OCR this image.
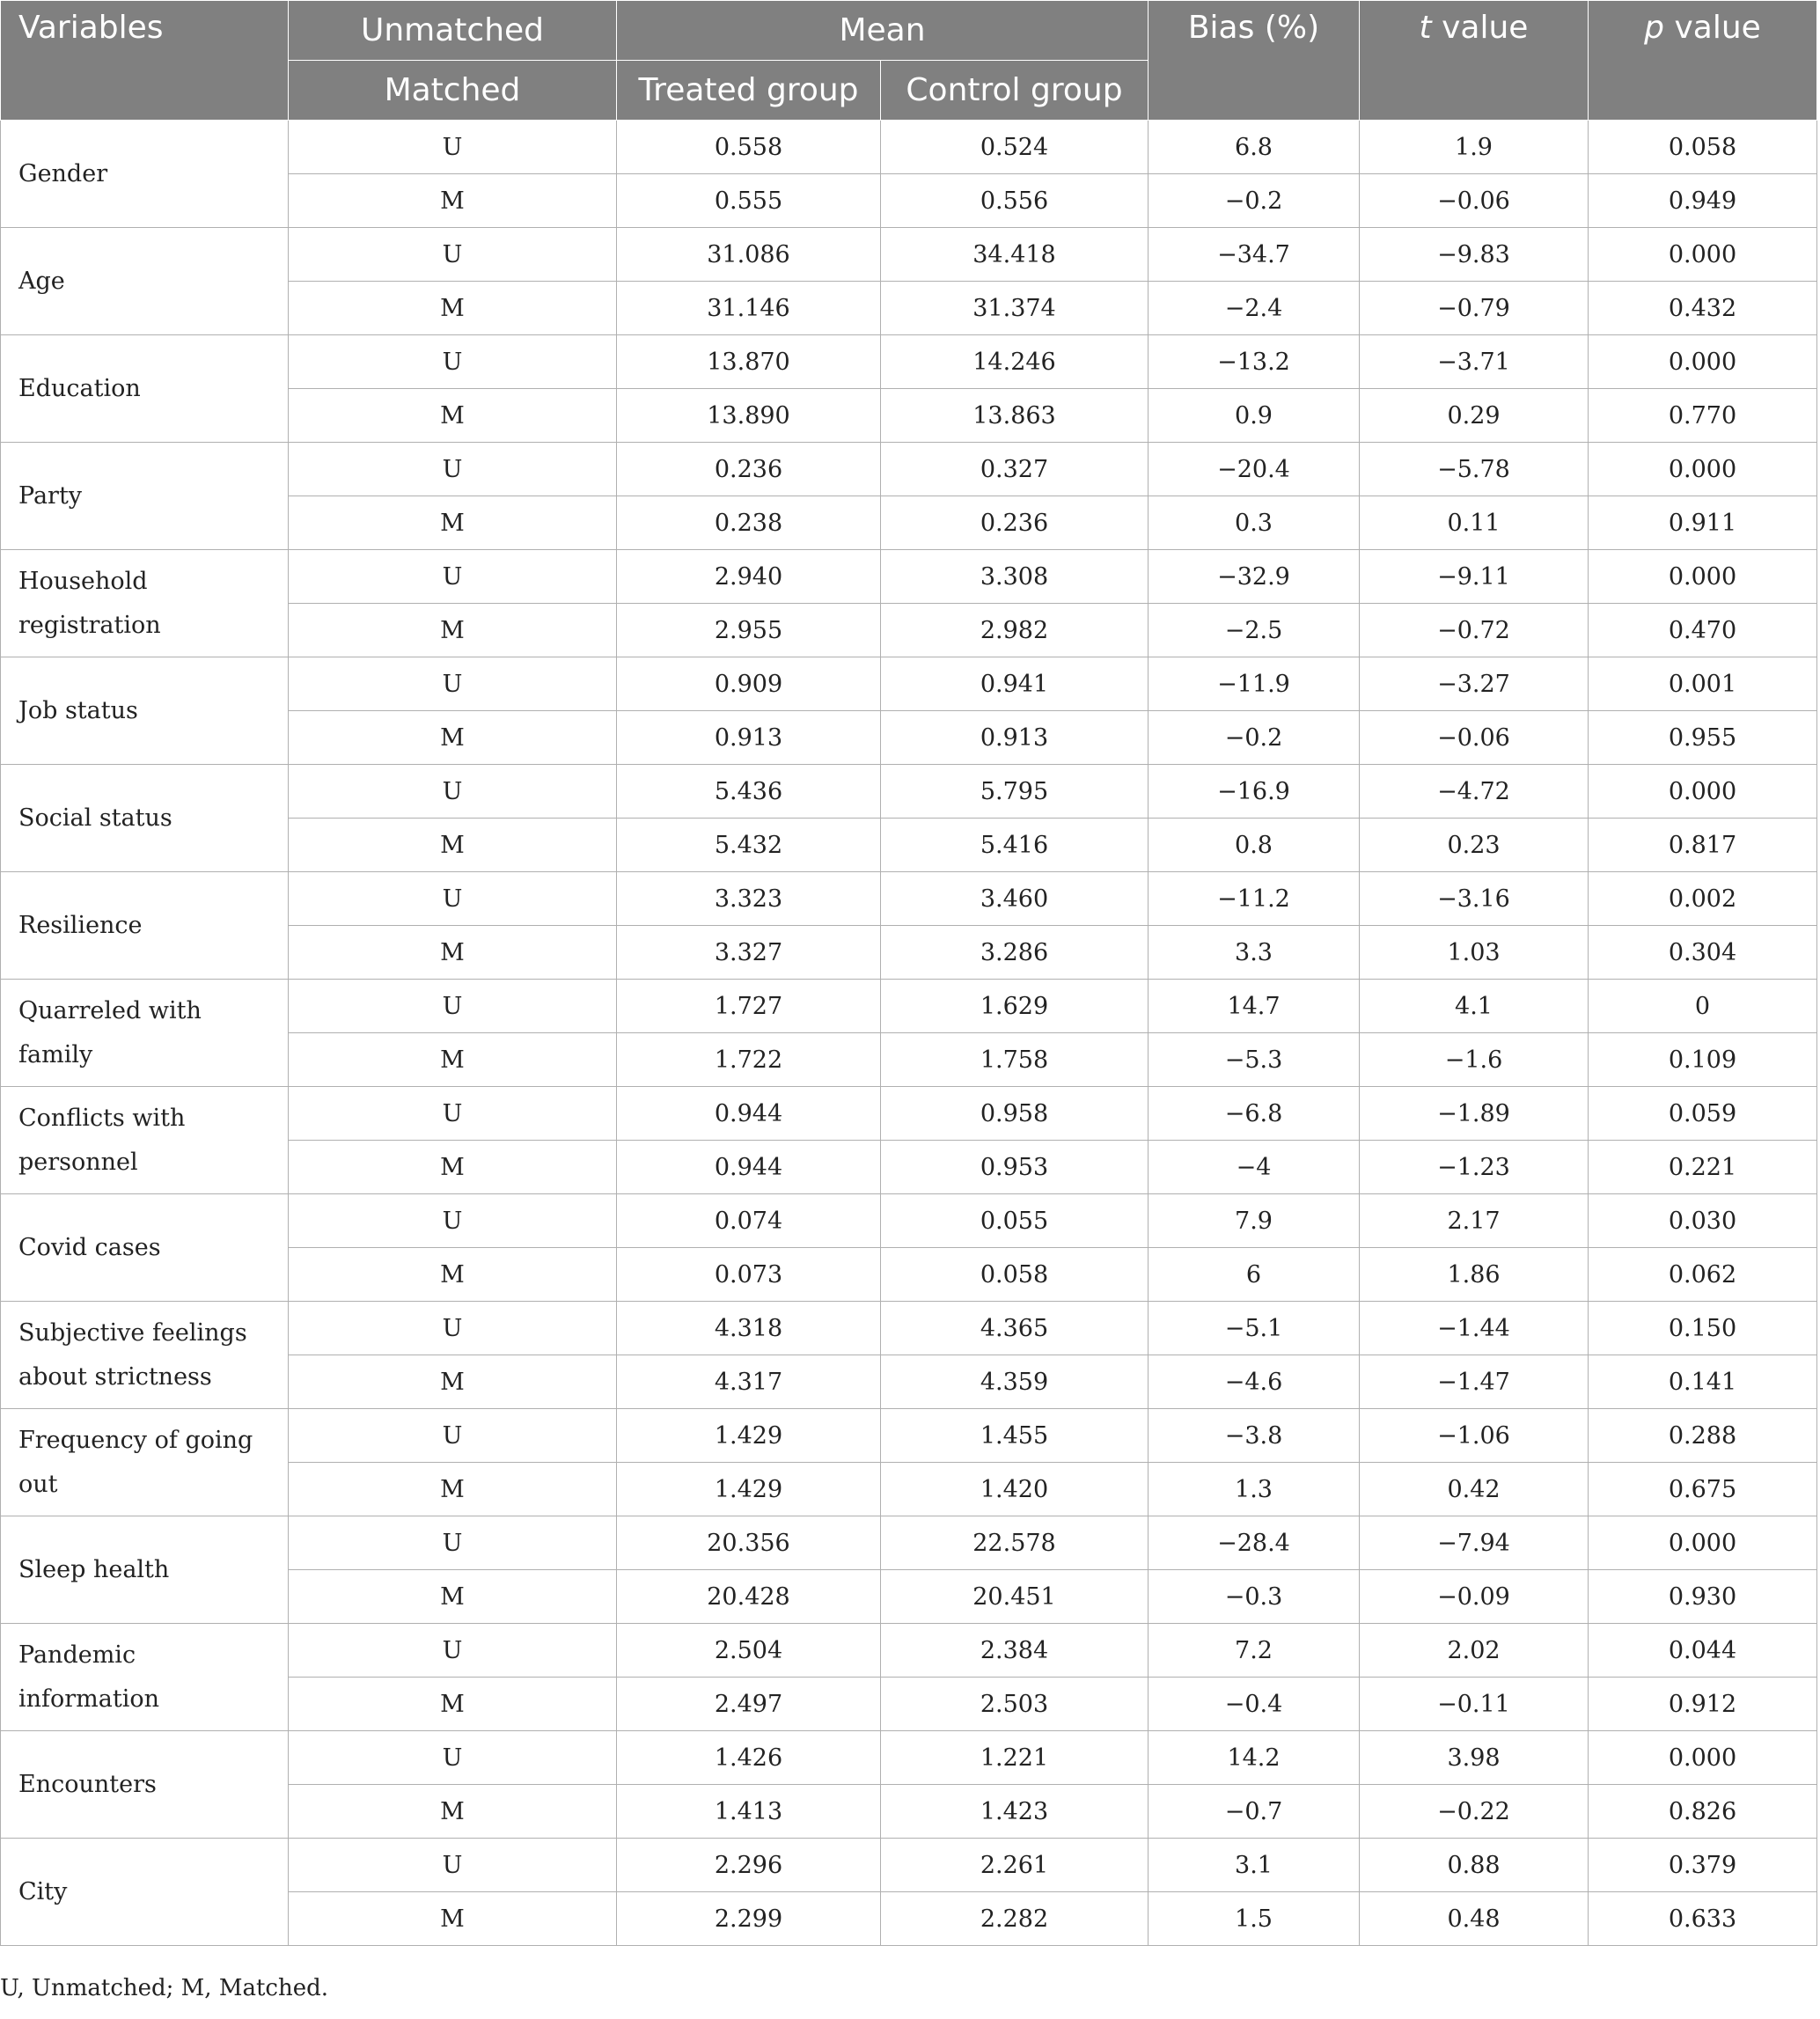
Variables	Unmatched	Mean		Bias (%)	t value	p value
	Matched	Treated group	Control group			
Gender	U	0.558	0.524	6.8	1.9	0.058
	M	0.555	0.556	−0.2	−0.06	0.949
Age	U	31.086	34.418	−34.7	−9.83	0.000
	M	31.146	31.374	−2.4	−0.79	0.432
Education	U	13.870	14.246	−13.2	−3.71	0.000
	M	13.890	13.863	0.9	0.29	0.770
Party	U	0.236	0.327	−20.4	−5.78	0.000
	M	0.238	0.236	0.3	0.11	0.911
Household registration	U	2.940	3.308	−32.9	−9.11	0.000
	M	2.955	2.982	−2.5	−0.72	0.470
Job status	U	0.909	0.941	−11.9	−3.27	0.001
	M	0.913	0.913	−0.2	−0.06	0.955
Social status	U	5.436	5.795	−16.9	−4.72	0.000
	M	5.432	5.416	0.8	0.23	0.817
Resilience	U	3.323	3.460	−11.2	−3.16	0.002
	M	3.327	3.286	3.3	1.03	0.304
Quarreled with family	U	1.727	1.629	14.7	4.1	0
	M	1.722	1.758	−5.3	−1.6	0.109
Conflicts with personnel	U	0.944	0.958	−6.8	−1.89	0.059
	M	0.944	0.953	−4	−1.23	0.221
Covid cases	U	0.074	0.055	7.9	2.17	0.030
	M	0.073	0.058	6	1.86	0.062
Subjective feelings about strictness	U	4.318	4.365	−5.1	−1.44	0.150
	M	4.317	4.359	−4.6	−1.47	0.141
Frequency of going out	U	1.429	1.455	−3.8	−1.06	0.288
	M	1.429	1.420	1.3	0.42	0.675
Sleep health	U	20.356	22.578	−28.4	−7.94	0.000
	M	20.428	20.451	−0.3	−0.09	0.930
Pandemic information	U	2.504	2.384	7.2	2.02	0.044
	M	2.497	2.503	−0.4	−0.11	0.912
Encounters	U	1.426	1.221	14.2	3.98	0.000
	M	1.413	1.423	−0.7	−0.22	0.826
City	U	2.296	2.261	3.1	0.88	0.379
	M	2.299	2.282	1.5	0.48	0.633
U, Unmatched; M, Matched.
